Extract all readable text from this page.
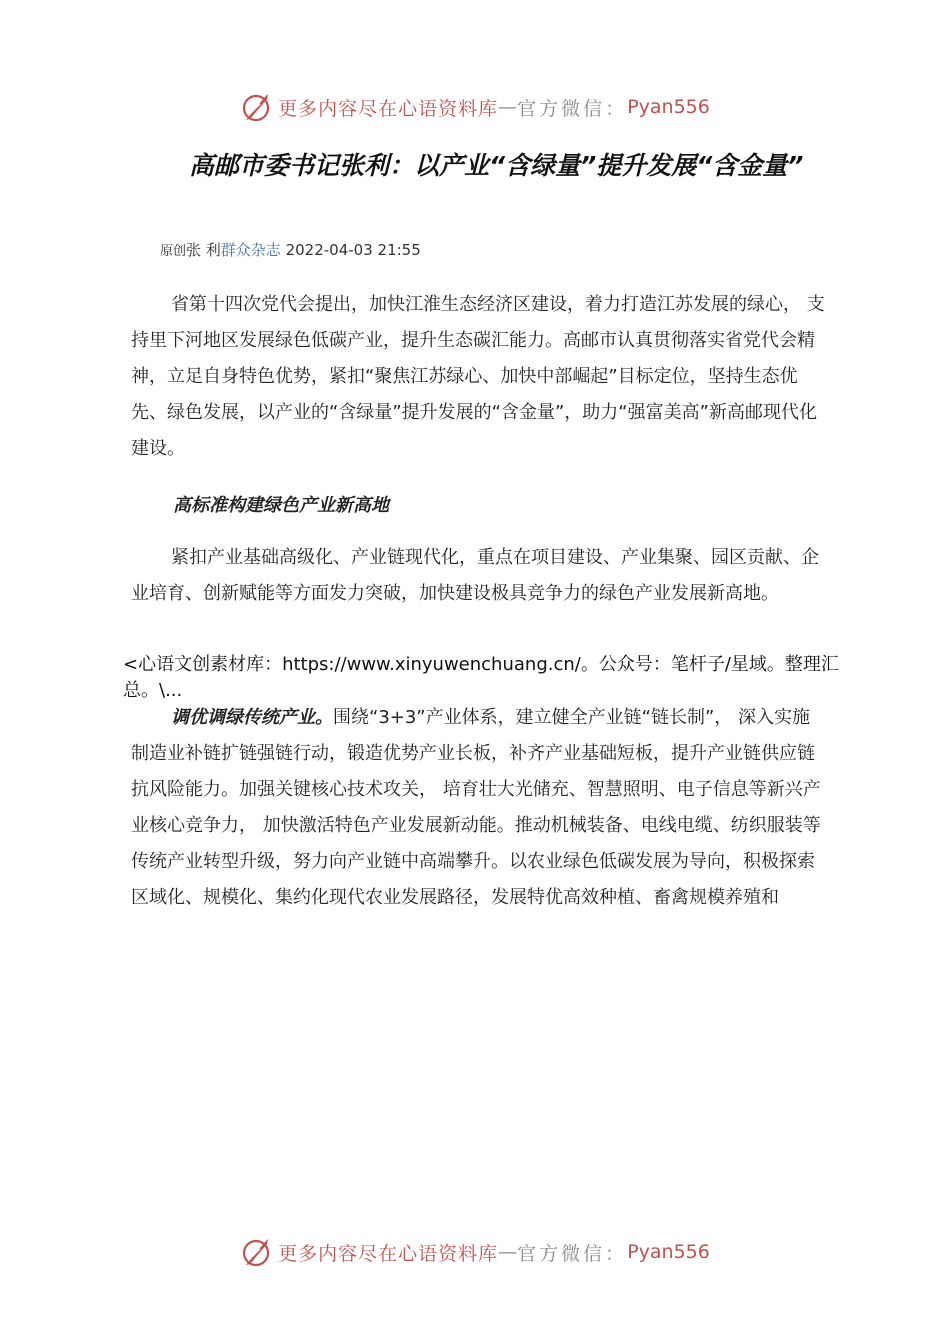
更多内容尽在心语资料库 — 官方微信： Pyan556
高邮市委书记张利：以产业“含绿量”提升发展“含金量”
原创张 利群众杂志 2022-04-03 21:55

省第十四次党代会提出，加快江淮生态经济区建设，着力打造江苏发展的绿心， 支持里下河地区发展绿色低碳产业，提升生态碳汇能力。高邮市认真贯彻落实省党代会精神，立足自身特色优势，紧扣“聚焦江苏绿心、加快中部崛起”目标定位，坚持生态优先、绿色发展，以产业的“含绿量”提升发展的“含金量”，助力“强富美高”新高邮现代化建设。

高标准构建绿色产业新高地

紧扣产业基础高级化、产业链现代化，重点在项目建设、产业集聚、园区贡献、企业培育、创新赋能等方面发力突破，加快建设极具竞争力的绿色产业发展新高地。

<心语文创素材库：https://www.xinyuwenchuang.cn/。公众号：笔杆子/星域。整理汇总。\...

调优调绿传统产业。围绕“3+3”产业体系，建立健全产业链“链长制”， 深入实施制造业补链扩链强链行动，锻造优势产业长板，补齐产业基础短板，提升产业链供应链抗风险能力。加强关键核心技术攻关， 培育壮大光储充、智慧照明、电子信息等新兴产业核心竞争力， 加快激活特色产业发展新动能。推动机械装备、电线电缆、纺织服装等传统产业转型升级，努力向产业链中高端攀升。以农业绿色低碳发展为导向，积极探索区域化、规模化、集约化现代农业发展路径，发展特优高效种植、畜禽规模养殖和

更多内容尽在心语资料库 — 官方微信： Pyan556
